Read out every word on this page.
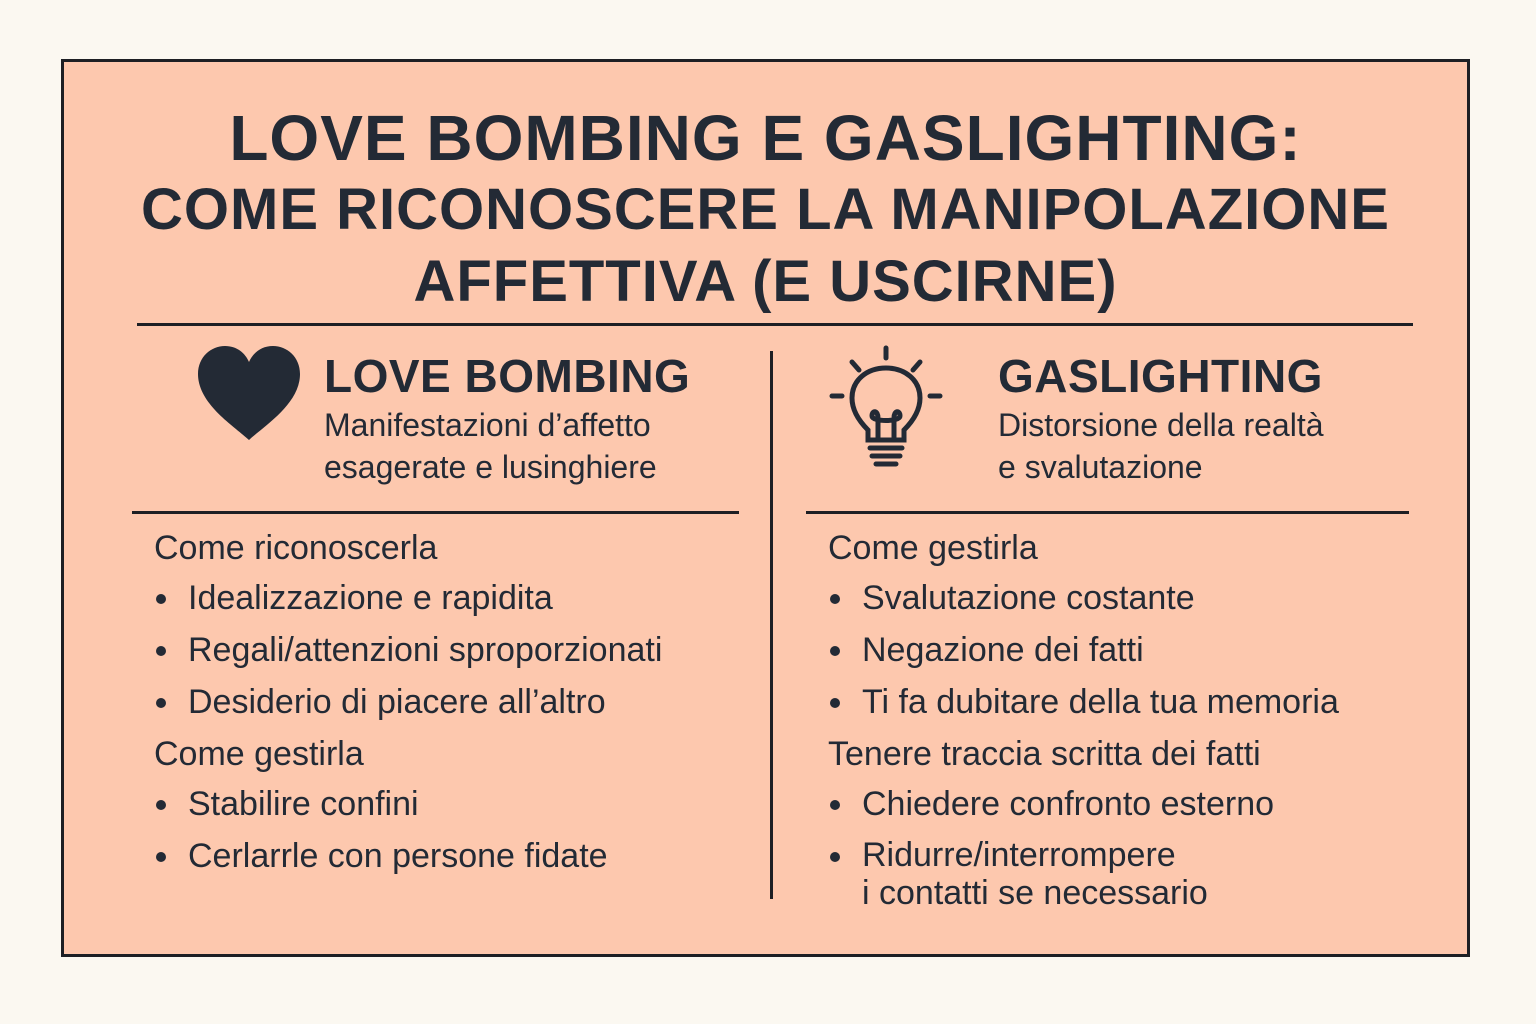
LOVE BOMBING E GASLIGHTING:
COME RICONOSCERE LA MANIPOLAZIONE
AFFETTIVA (E USCIRNE)
LOVE BOMBING
Manifestazioni d’affetto
esagerate e lusinghiere
Come riconoscerla
Idealizzazione e rapidita
Regali/attenzioni sproporzionati
Desiderio di piacere all’altro
Come gestirla
Stabilire confini
Cerlarrle con persone fidate
GASLIGHTING
Distorsione della realtà
e svalutazione
Come gestirla
Svalutazione costante
Negazione dei fatti
Ti fa dubitare della tua memoria
Tenere traccia scritta dei fatti
Chiedere confronto esterno
Ridurre/interrompere
i contatti se necessario
